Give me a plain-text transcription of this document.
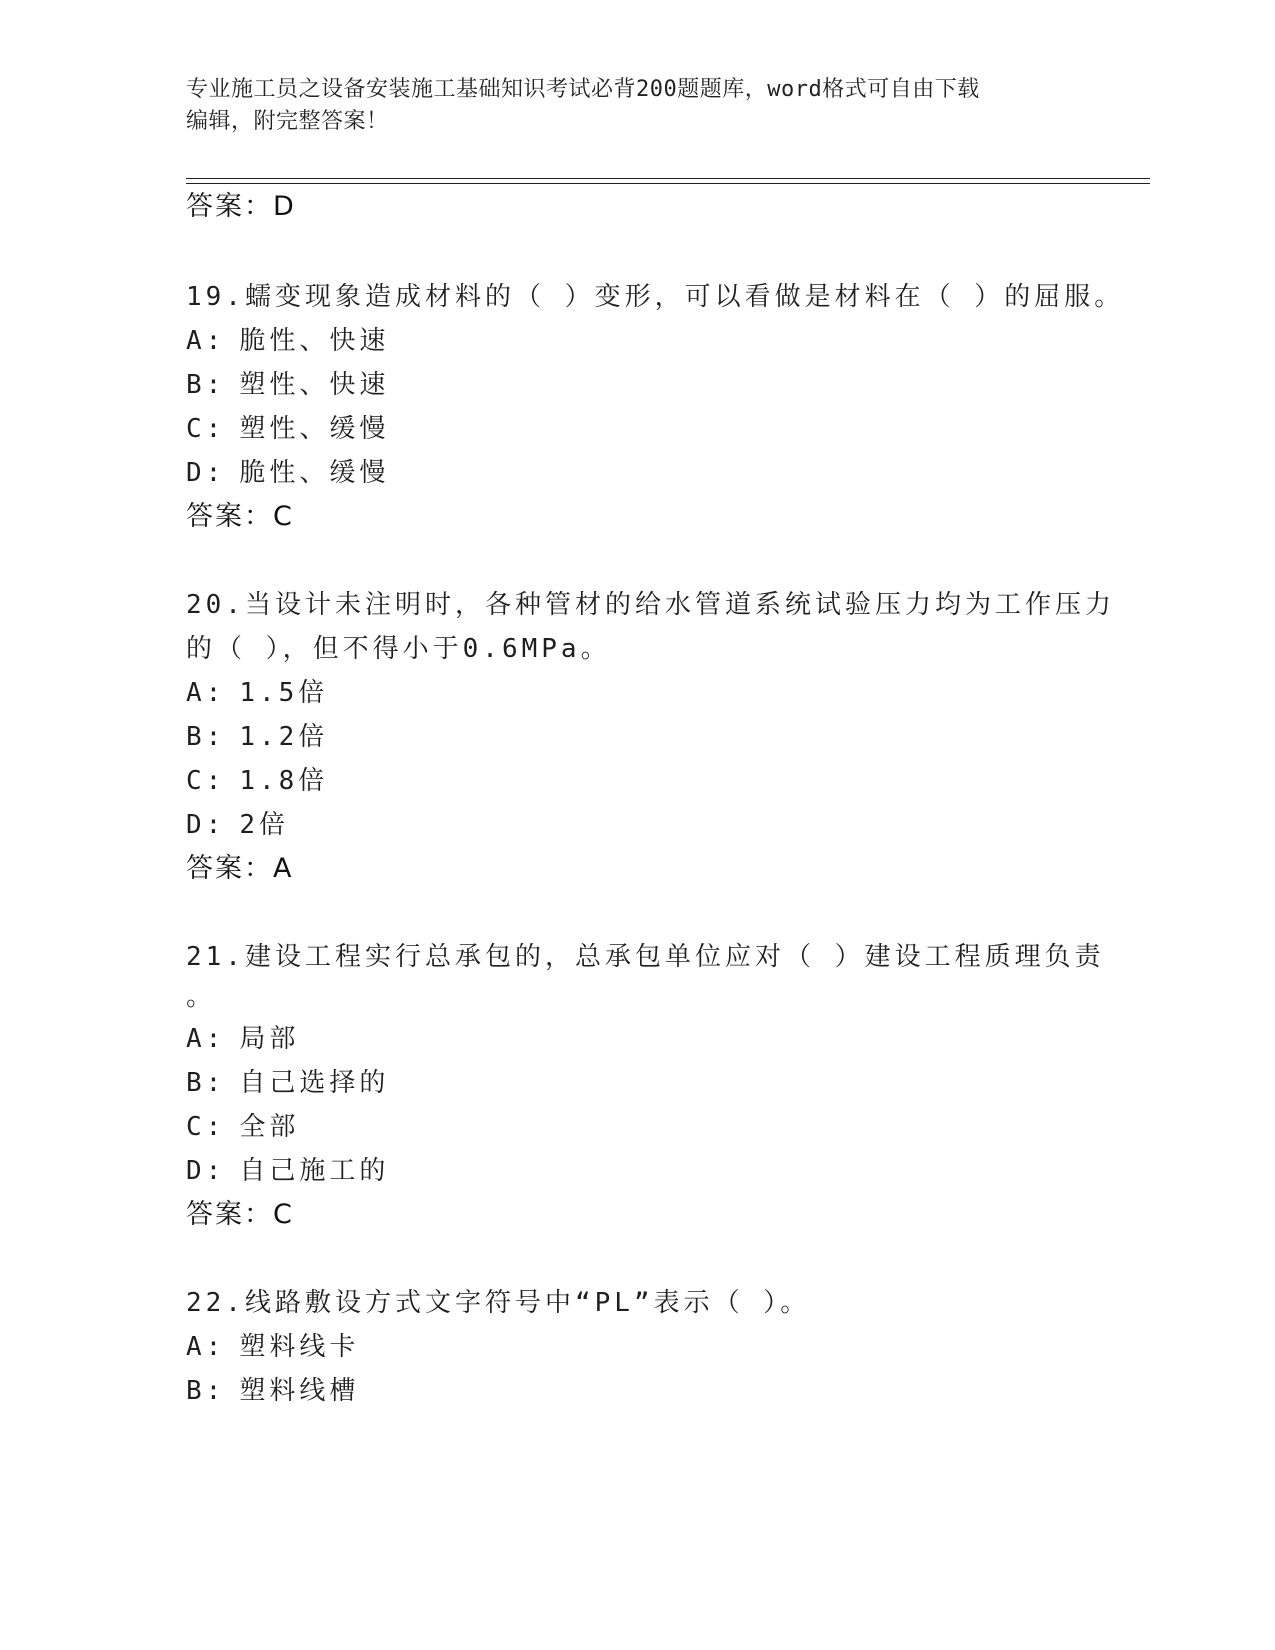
专业施工员之设备安装施工基础知识考试必背200题题库，word格式可自由下载
编辑，附完整答案！
答案：D
19.蠕变现象造成材料的（ ）变形，可以看做是材料在（ ）的屈服。
A: 脆性、快速
B: 塑性、快速
C: 塑性、缓慢
D: 脆性、缓慢
答案：C
20.当设计未注明时，各种管材的给水管道系统试验压力均为工作压力
的（ ），但不得小于0.6MPa。
A: 1.5倍
B: 1.2倍
C: 1.8倍
D: 2倍
答案：A
21.建设工程实行总承包的，总承包单位应对（ ）建设工程质理负责
。
A: 局部
B: 自己选择的
C: 全部
D: 自己施工的
答案：C
22.线路敷设方式文字符号中“PL”表示（ ）。
A: 塑料线卡
B: 塑料线槽
